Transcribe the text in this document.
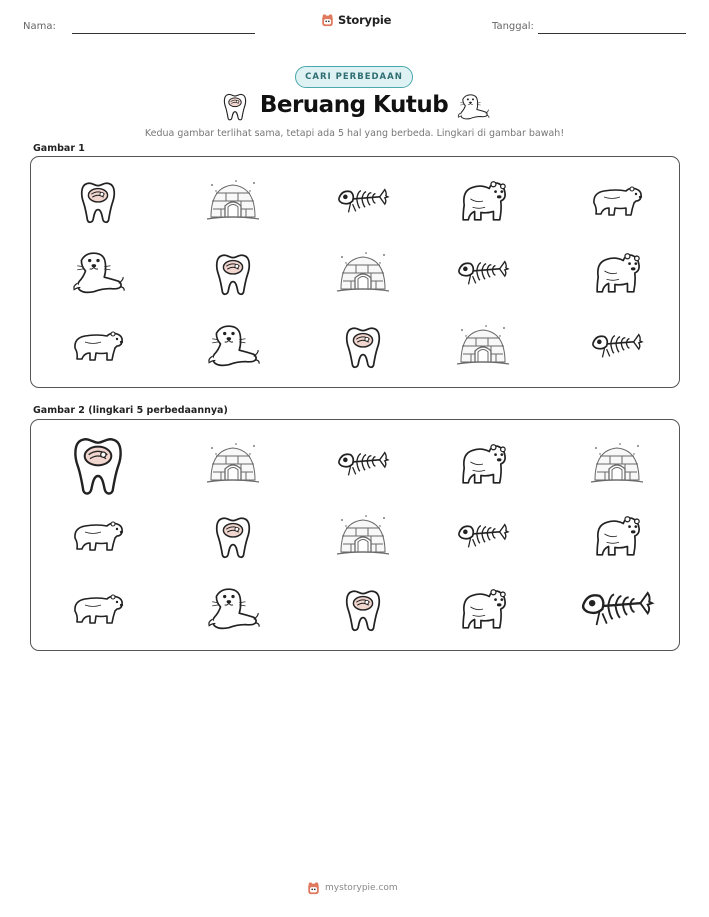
Nama:	Storypie	Tanggal:
CARI PERBEDAAN
Beruang Kutub
Kedua gambar terlihat sama, tetapi ada 5 hal yang berbeda. Lingkari di gambar bawah!
Gambar 1
Gambar 2 (lingkari 5 perbedaannya)
mystorypie.com
